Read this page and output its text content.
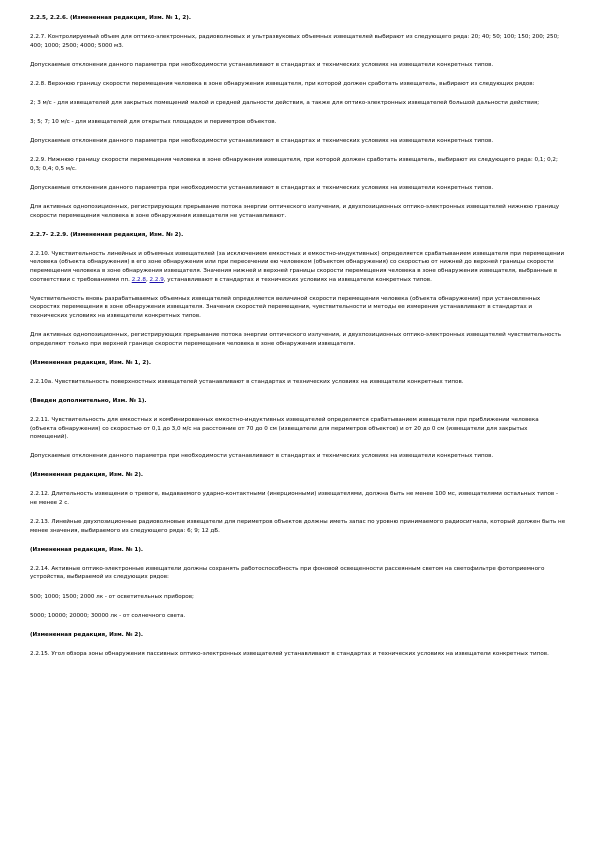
2.2.5, 2.2.6. (Измененная редакция, Изм. № 1, 2).

2.2.7. Контролируемый объем для оптико-электронных, радиоволновых и ультразвуковых объемных извещателей выбирают из следующего ряда: 20; 40; 50; 100; 150; 200; 250; 400; 1000; 2500; 4000; 5000 м3.

Допускаемые отклонения данного параметра при необходимости устанавливают в стандартах и технических условиях на извещатели конкретных типов.

2.2.8. Верхнюю границу скорости перемещения человека в зоне обнаружения извещателя, при которой должен сработать извещатель, выбирают из следующих рядов:

2; 3 м/с - для извещателей для закрытых помещений малой и средней дальности действия, а также для оптико-электронных извещателей большой дальности действия;

3; 5; 7; 10 м/с - для извещателей для открытых площадок и периметров объектов.

Допускаемые отклонения данного параметра при необходимости устанавливают в стандартах и технических условиях на извещатели конкретных типов.

2.2.9. Нижнюю границу скорости перемещения человека в зоне обнаружения извещателя, при которой должен сработать извещатель, выбирают из следующего ряда: 0,1; 0,2; 0,3; 0,4; 0,5 м/с.

Допускаемые отклонения данного параметра при необходимости устанавливают в стандартах и технических условиях на извещатели конкретных типов.

Для активных однопозиционных, регистрирующих прерывание потока энергии оптического излучения, и двухпозиционных оптико-электронных извещателей нижнюю границу скорости перемещения человека в зоне обнаружения извещателя не устанавливают.

2.2.7- 2.2.9. (Измененная редакция, Изм. № 2).

2.2.10. Чувствительность линейных и объемных извещателей (за исключением емкостных и емкостно-индуктивных) определяется срабатыванием извещателя при перемещении человека (объекта обнаружения) в его зоне обнаружения или при пересечении ею человеком (объектом обнаружения) со скоростью от нижней до верхней границы скорости перемещения человека в зоне обнаружения извещателя. Значения нижней и верхней границы скорости перемещения человека в зоне обнаружения извещателя, выбранные в соответствии с требованиями пп. 2.2.8, 2.2.9, устанавливают в стандартах и технических условиях на извещатели конкретных типов.

Чувствительность вновь разрабатываемых объемных извещателей определяется величиной скорости перемещения человека (объекта обнаружения) при установленных скоростях перемещения в зоне обнаружения извещателя. Значения скоростей перемещения, чувствительности и методы ее измерения устанавливают в стандартах и технических условиях на извещатели конкретных типов.

Для активных однопозиционных, регистрирующих прерывание потока энергии оптического излучения, и двухпозиционных оптико-электронных извещателей чувствительность определяют только при верхней границе скорости перемещения человека в зоне обнаружения извещателя.

(Измененная редакция, Изм. № 1, 2).

2.2.10а. Чувствительность поверхностных извещателей устанавливают в стандартах и технических условиях на извещатели конкретных типов.

(Введен дополнительно, Изм. № 1).

2.2.11. Чувствительность для емкостных и комбинированных емкостно-индуктивных извещателей определяется срабатыванием извещателя при приближении человека (объекта обнаружения) со скоростью от 0,1 до 3,0 м/с на расстояние от 70 до 0 см (извещатели для периметров объектов) и от 20 до 0 см (извещатели для закрытых помещений).

Допускаемые отклонения данного параметра при необходимости устанавливают в стандартах и технических условиях на извещатели конкретных типов.

(Измененная редакция, Изм. № 2).

2.2.12. Длительность извещения о тревоге, выдаваемого ударно-контактными (инерционными) извещателями, должна быть не менее 100 мс, извещателями остальных типов - не менее 2 с.

2.2.13. Линейные двухпозиционные радиоволновые извещатели для периметров объектов должны иметь запас по уровню принимаемого радиосигнала, который должен быть не менее значения, выбираемого из следующего ряда: 6; 9; 12 дБ.

(Измененная редакция, Изм. № 1).

2.2.14. Активные оптико-электронные извещатели должны сохранять работоспособность при фоновой освещенности рассеянным светом на светофильтре фотоприемного устройства, выбираемой из следующих рядов:

500; 1000; 1500; 2000 лк - от осветительных приборов;

5000; 10000; 20000; 30000 лк - от солнечного света.

(Измененная редакция, Изм. № 2).

2.2.15. Угол обзора зоны обнаружения пассивных оптико-электронных извещателей устанавливают в стандартах и технических условиях на извещатели конкретных типов.
